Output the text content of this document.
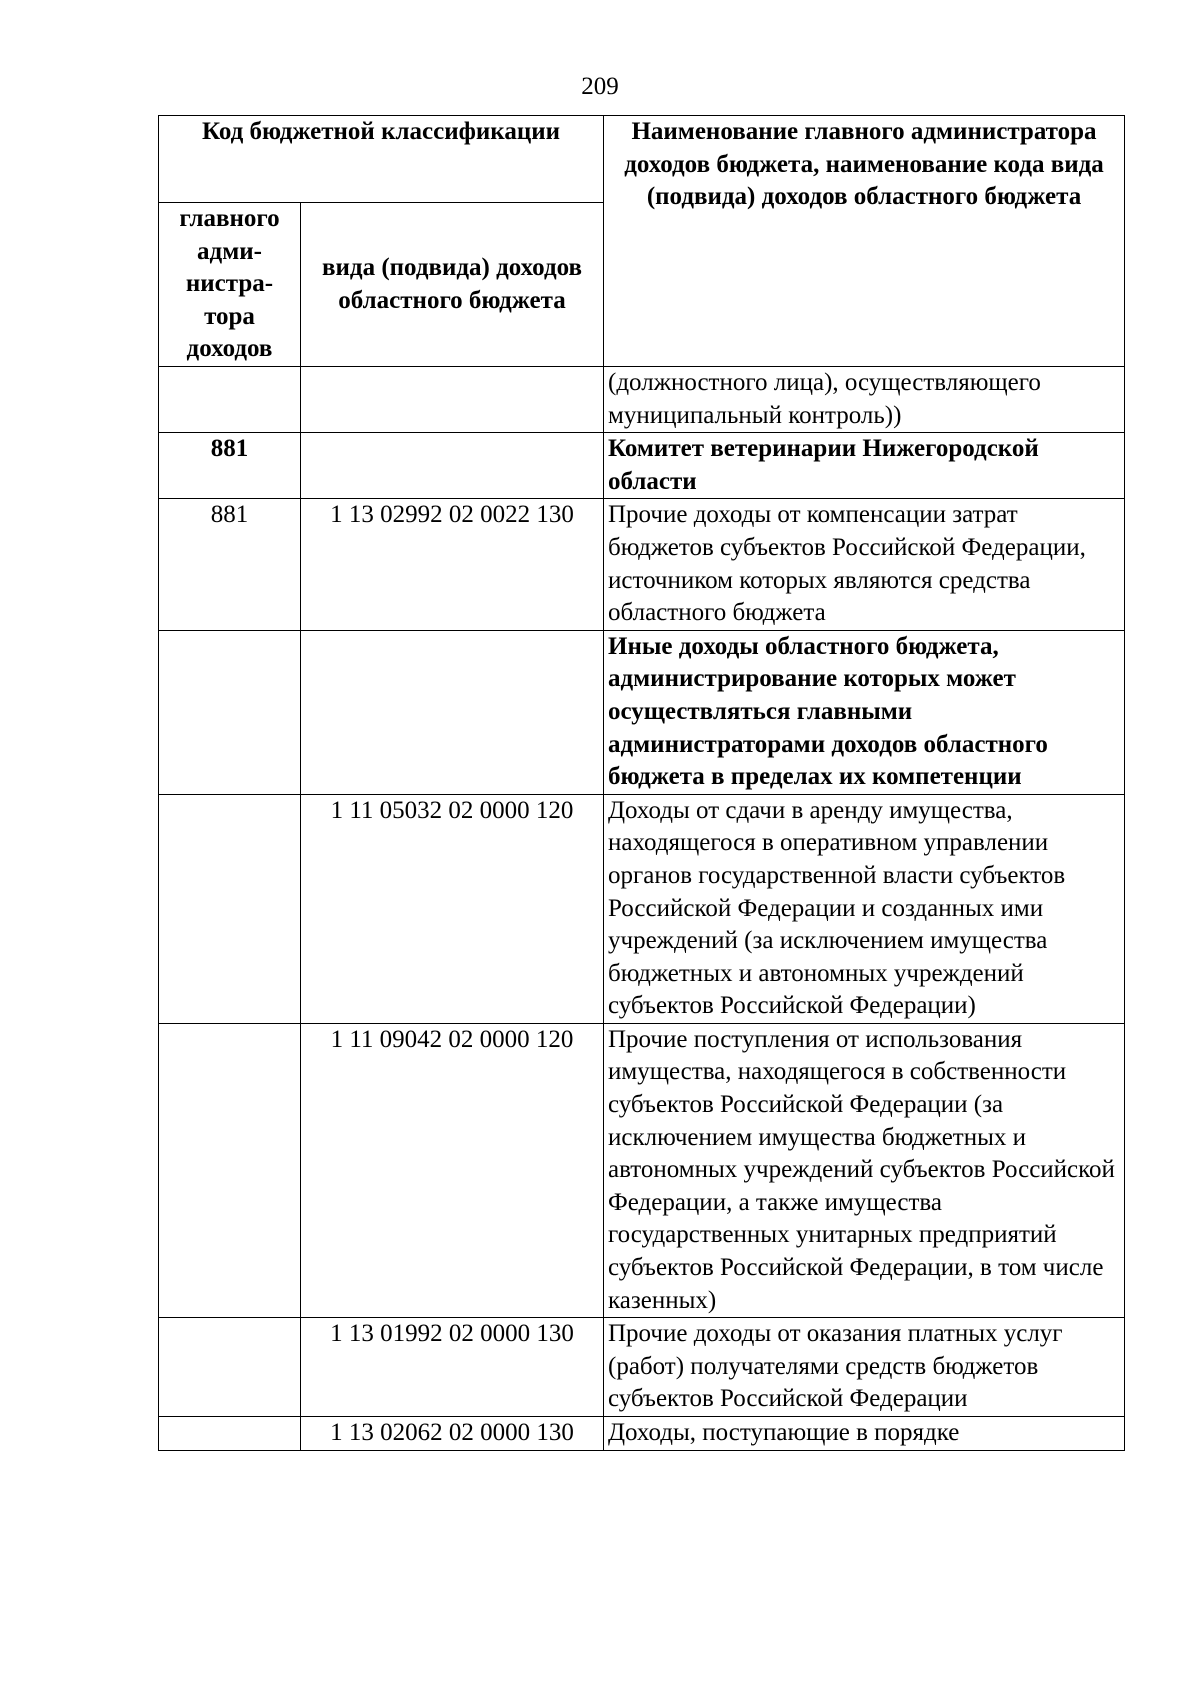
209
Код бюджетной классификации		Наименование главного администратора доходов бюджета, наименование кода вида (подвида) доходов областного бюджета
главного адми-нистра-тора доходов	вида (подвида) доходов областного бюджета	
		(должностного лица), осуществляющего муниципальный контроль))
881		Комитет ветеринарии Нижегородской области
881	1 13 02992 02 0022 130	Прочие доходы от компенсации затрат бюджетов субъектов Российской Федерации, источником которых являются средства областного бюджета
		Иные доходы областного бюджета, администрирование которых может осуществляться главными администраторами доходов областного бюджета в пределах их компетенции
	1 11 05032 02 0000 120	Доходы от сдачи в аренду имущества, находящегося в оперативном управлении органов государственной власти субъектов Российской Федерации и созданных ими учреждений (за исключением имущества бюджетных и автономных учреждений субъектов Российской Федерации)
	1 11 09042 02 0000 120	Прочие поступления от использования имущества, находящегося в собственности субъектов Российской Федерации (за исключением имущества бюджетных и автономных учреждений субъектов Российской Федерации, а также имущества государственных унитарных предприятий субъектов Российской Федерации, в том числе казенных)
	1 13 01992 02 0000 130	Прочие доходы от оказания платных услуг (работ) получателями средств бюджетов субъектов Российской Федерации
	1 13 02062 02 0000 130	Доходы, поступающие в порядке
